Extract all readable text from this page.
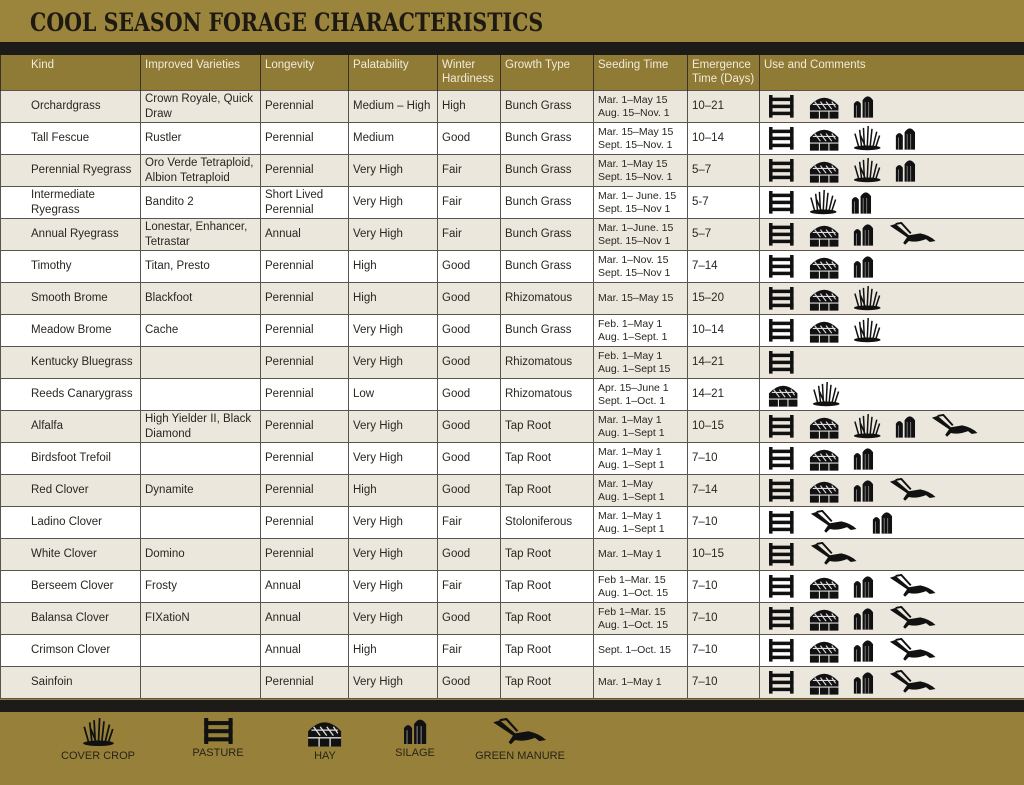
COOL SEASON FORAGE CHARACTERISTICS
Kind	Improved Varieties	Longevity	Palatability	Winter Hardiness	Growth Type	Seeding Time	Emergence Time (Days)	Use and Comments
Orchardgrass	Crown Royale, Quick Draw	Perennial	Medium – High	High	Bunch Grass	Mar. 1–May 15
Aug. 15–Nov. 1	10–21	
Tall Fescue	Rustler	Perennial	Medium	Good	Bunch Grass	Mar. 15–May 15
Sept. 15–Nov. 1	10–14	
Perennial Ryegrass	Oro Verde Tetraploid, Albion Tetraploid	Perennial	Very High	Fair	Bunch Grass	Mar. 1–May 15
Sept. 15–Nov. 1	5–7	
Intermediate Ryegrass	Bandito 2	Short Lived Perennial	Very High	Fair	Bunch Grass	Mar. 1– June. 15
Sept. 15–Nov 1	5-7	
Annual Ryegrass	Lonestar, Enhancer, Tetrastar	Annual	Very High	Fair	Bunch Grass	Mar. 1–June. 15
Sept. 15–Nov 1	5–7	
Timothy	Titan, Presto	Perennial	High	Good	Bunch Grass	Mar. 1–Nov. 15
Sept. 15–Nov 1	7–14	
Smooth Brome	Blackfoot	Perennial	High	Good	Rhizomatous	Mar. 15–May 15	15–20	
Meadow Brome	Cache	Perennial	Very High	Good	Bunch Grass	Feb. 1–May 1
Aug. 1–Sept. 1	10–14	
Kentucky Bluegrass		Perennial	Very High	Good	Rhizomatous	Feb. 1–May 1
Aug. 1–Sept 15	14–21	
Reeds Canarygrass		Perennial	Low	Good	Rhizomatous	Apr. 15–June 1
Sept. 1–Oct. 1	14–21	
Alfalfa	High Yielder II, Black Diamond	Perennial	Very High	Good	Tap Root	Mar. 1–May 1
Aug. 1–Sept 1	10–15	
Birdsfoot Trefoil		Perennial	Very High	Good	Tap Root	Mar. 1–May 1
Aug. 1–Sept 1	7–10	
Red Clover	Dynamite	Perennial	High	Good	Tap Root	Mar. 1–May
Aug. 1–Sept 1	7–14	
Ladino Clover		Perennial	Very High	Fair	Stoloniferous	Mar. 1–May 1
Aug. 1–Sept 1	7–10	
White Clover	Domino	Perennial	Very High	Good	Tap Root	Mar. 1–May 1	10–15	
Berseem Clover	Frosty	Annual	Very High	Fair	Tap Root	Feb 1–Mar. 15
Aug. 1–Oct. 15	7–10	
Balansa Clover	FIXatioN	Annual	Very High	Good	Tap Root	Feb 1–Mar. 15
Aug. 1–Oct. 15	7–10	
Crimson Clover		Annual	High	Fair	Tap Root	Sept. 1–Oct. 15	7–10	
Sainfoin		Perennial	Very High	Good	Tap Root	Mar. 1–May 1	7–10	
COVER CROP	PASTURE	HAY	SILAGE	GREEN MANURE
